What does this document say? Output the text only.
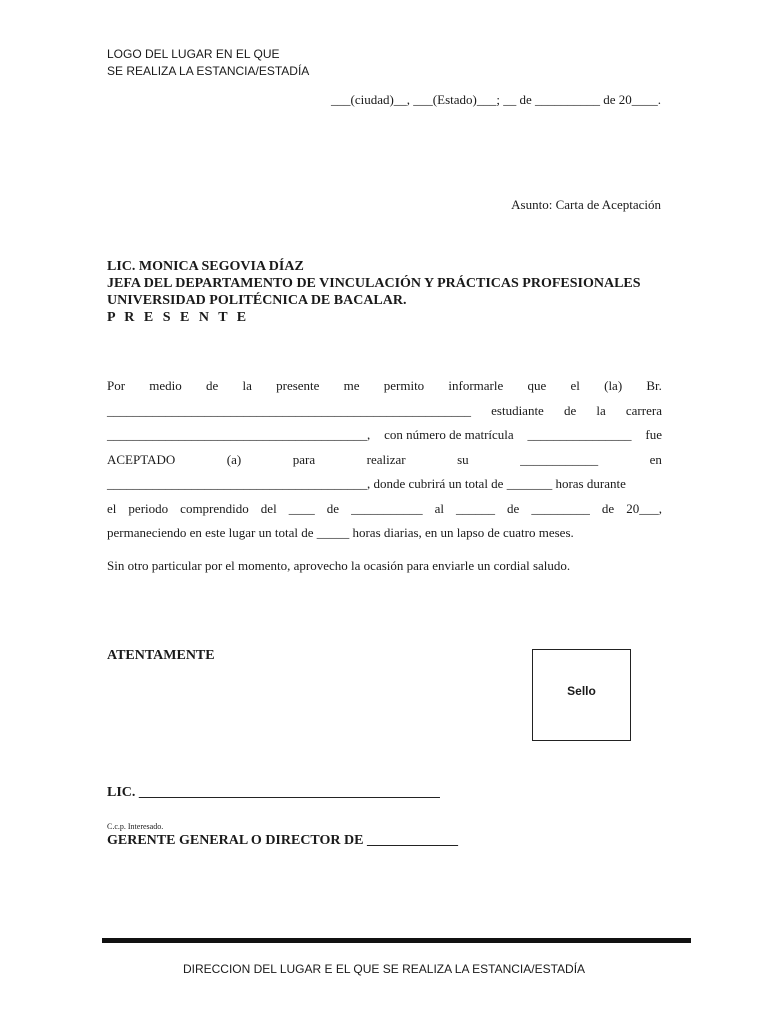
LOGO DEL LUGAR EN EL QUE
SE REALIZA LA ESTANCIA/ESTADÍA
___(ciudad)__, ___(Estado)___; __ de __________ de 20____.
Asunto: Carta de Aceptación
LIC. MONICA SEGOVIA DÍAZ
JEFA DEL DEPARTAMENTO DE VINCULACIÓN Y PRÁCTICAS PROFESIONALES
UNIVERSIDAD POLITÉCNICA DE BACALAR.
P R E S E N T E
Por medio de la presente me permito informarle que el (la) Br.
________________________________________________________ estudiante de la carrera
________________________________________, con número de matrícula ________________ fue
ACEPTADO	(a)	para	realizar	su	____________	en
________________________________________, donde cubrirá un total de _______ horas durante
el periodo comprendido del ____ de ___________ al ______ de _________ de 20___,
permaneciendo en este lugar un total de _____ horas diarias, en un lapso de cuatro meses.
Sin otro particular por el momento, aprovecho la ocasión para enviarle un cordial saludo.
ATENTAMENTE
Sello

LIC. ___________________________________________

GERENTE GENERAL O DIRECTOR DE _____________

C.c.p. Interesado.
DIRECCION DEL LUGAR E EL QUE SE REALIZA LA ESTANCIA/ESTADÍA
